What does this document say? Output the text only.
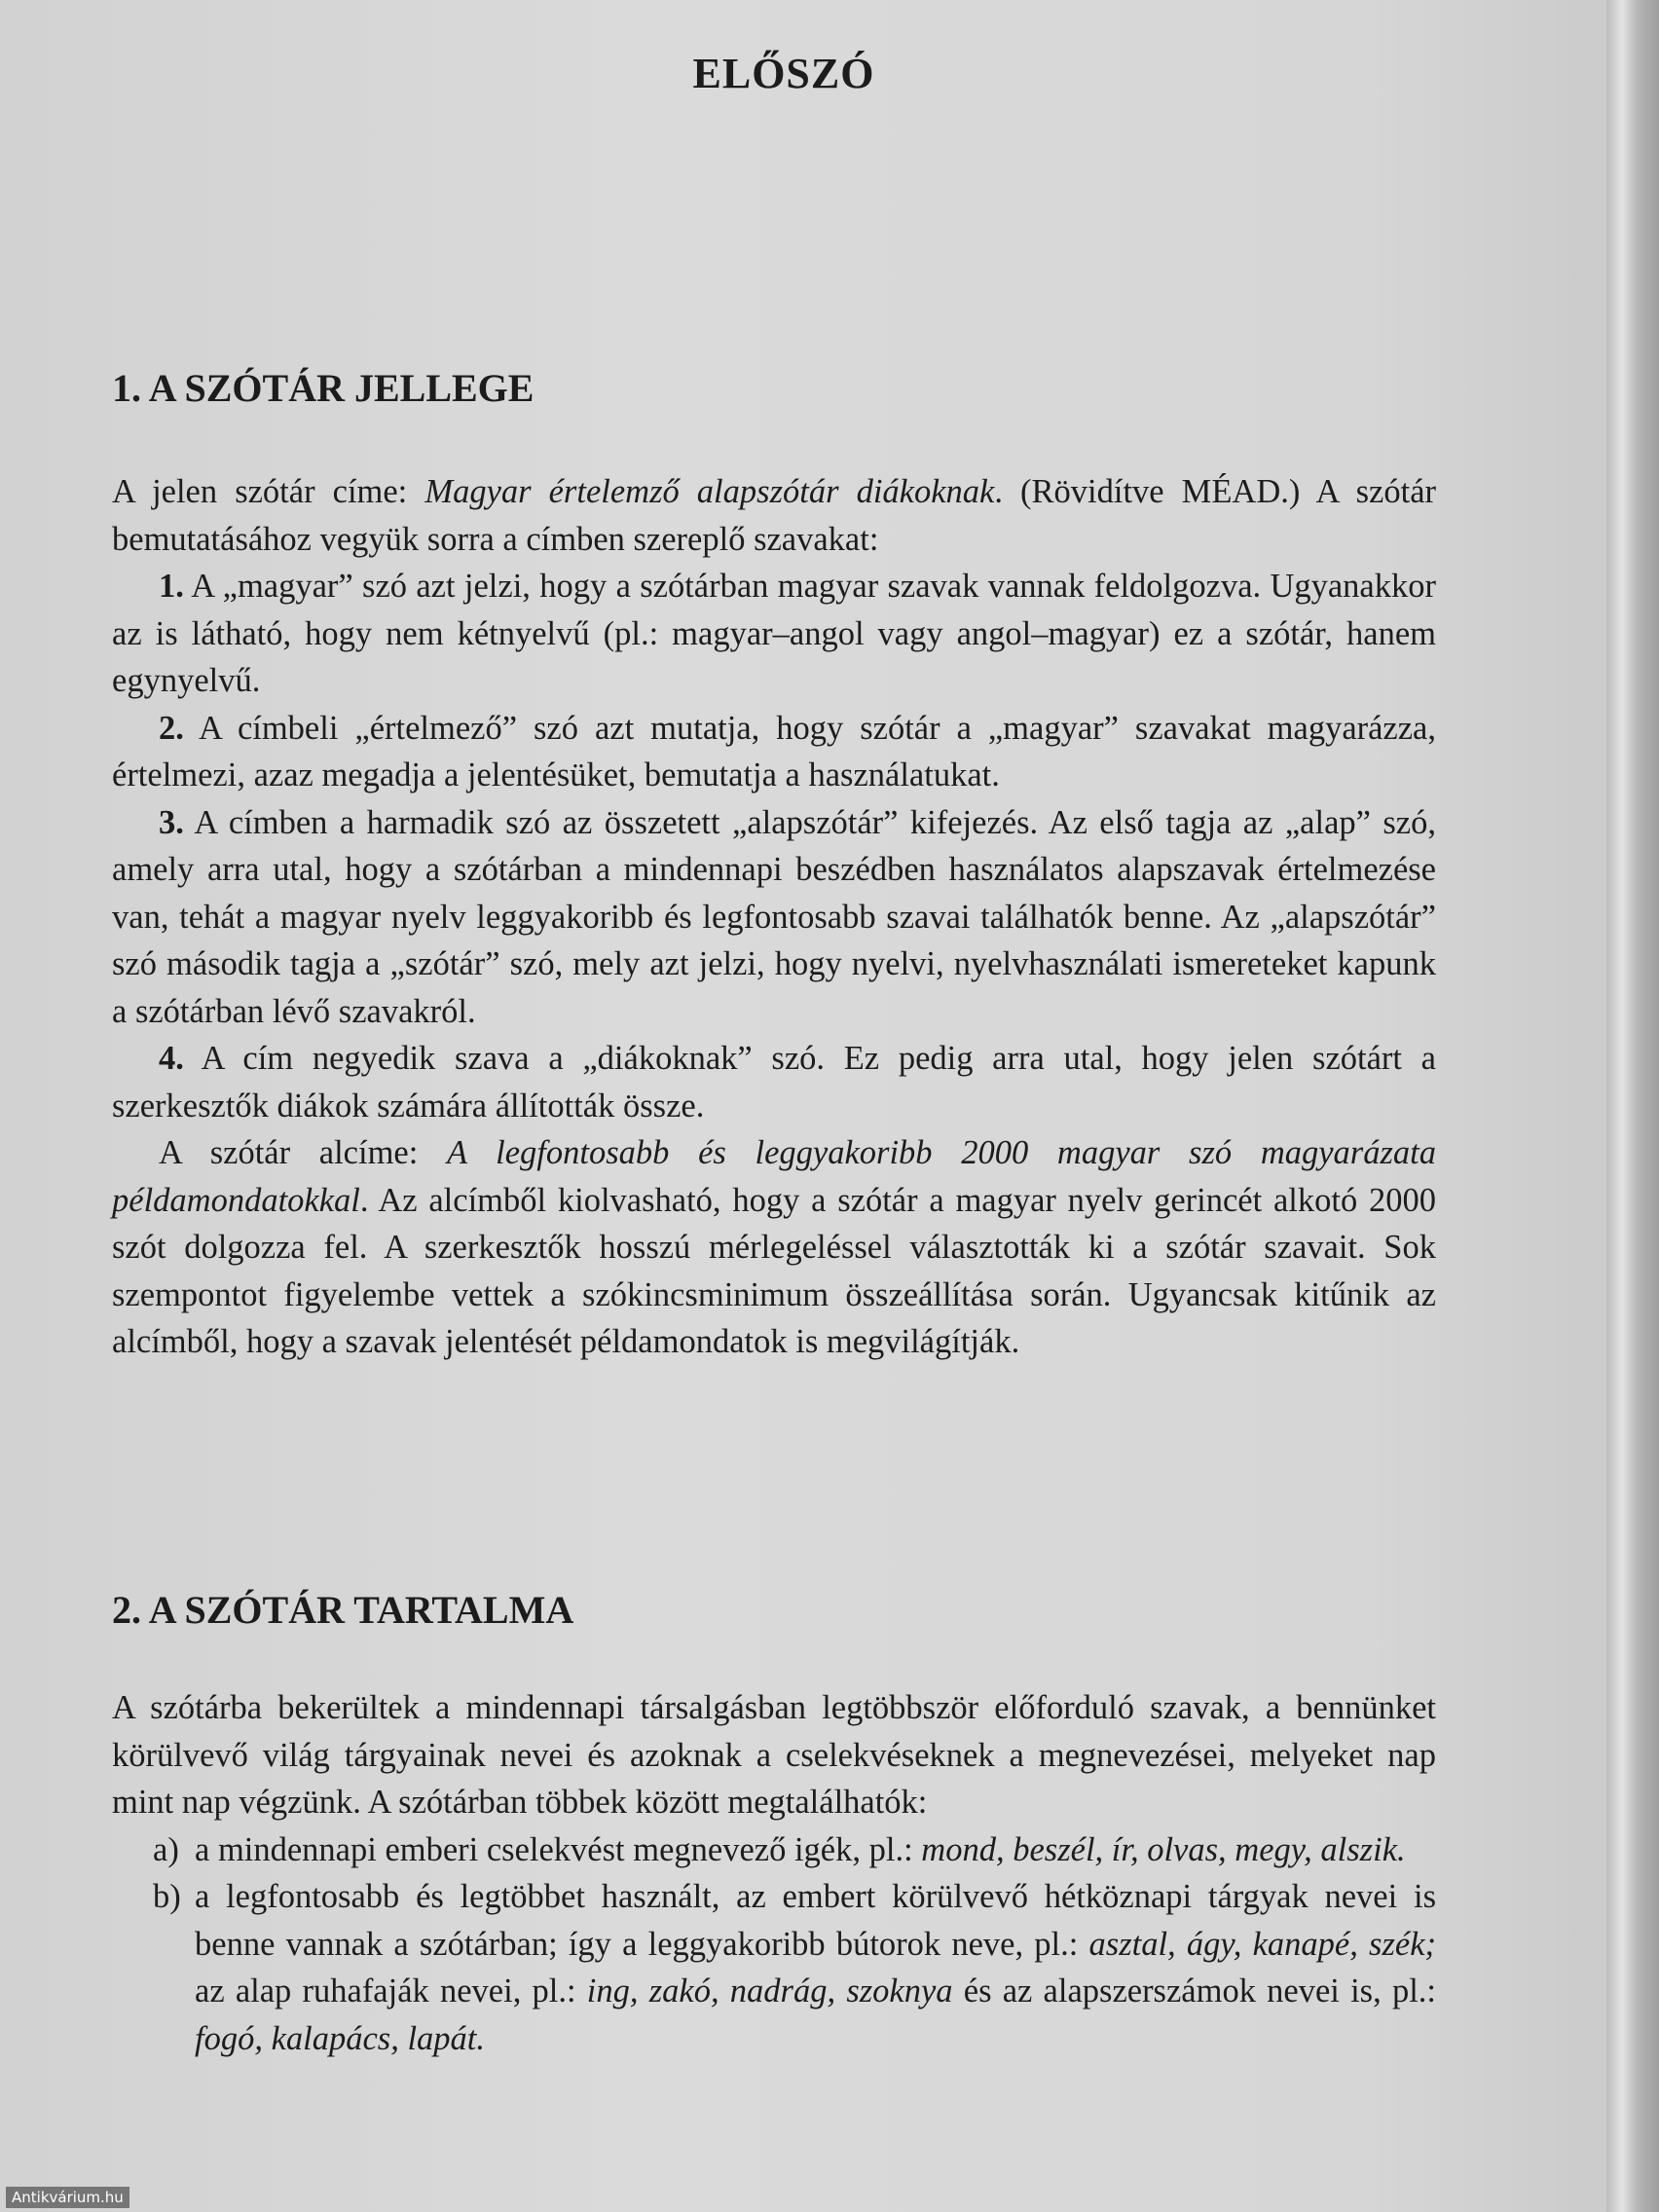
ELŐSZÓ
1. A SZÓTÁR JELLEGE

A jelen szótár címe: Magyar értelemző alapszótár diákoknak. (Rövidítve MÉAD.) A szótár bemutatásához vegyük sorra a címben szereplő szavakat:

1. A „magyar” szó azt jelzi, hogy a szótárban magyar szavak vannak feldolgozva. Ugyanakkor az is látható, hogy nem kétnyelvű (pl.: magyar–angol vagy angol–magyar) ez a szótár, hanem egynyelvű.

2. A címbeli „értelmező” szó azt mutatja, hogy szótár a „magyar” szavakat magyarázza, értelmezi, azaz megadja a jelentésüket, bemutatja a használatukat.

3. A címben a harmadik szó az összetett „alapszótár” kifejezés. Az első tagja az „alap” szó, amely arra utal, hogy a szótárban a mindennapi beszédben használatos alapszavak értelmezése van, tehát a magyar nyelv leggyakoribb és legfontosabb szavai találhatók benne. Az „alapszótár” szó második tagja a „szótár” szó, mely azt jelzi, hogy nyelvi, nyelvhasználati ismereteket kapunk a szótárban lévő szavakról.

4. A cím negyedik szava a „diákoknak” szó. Ez pedig arra utal, hogy jelen szótárt a szerkesztők diákok számára állították össze.

A szótár alcíme: A legfontosabb és leggyakoribb 2000 magyar szó magyarázata példamondatokkal. Az alcímből kiolvasható, hogy a szótár a magyar nyelv gerincét alkotó 2000 szót dolgozza fel. A szerkesztők hosszú mérlegeléssel választották ki a szótár szavait. Sok szempontot figyelembe vettek a szókincsminimum összeállítása során. Ugyancsak kitűnik az alcímből, hogy a szavak jelentését példamondatok is megvilágítják.

2. A SZÓTÁR TARTALMA

A szótárba bekerültek a mindennapi társalgásban legtöbbször előforduló szavak, a bennünket körülvevő világ tárgyainak nevei és azoknak a cselekvéseknek a megnevezései, melyeket nap mint nap végzünk. A szótárban többek között megtalálhatók:

a) a mindennapi emberi cselekvést megnevező igék, pl.: mond, beszél, ír, olvas, megy, alszik.
b) a legfontosabb és legtöbbet használt, az embert körülvevő hétköznapi tárgyak nevei is benne vannak a szótárban; így a leggyakoribb bútorok neve, pl.: asztal, ágy, kanapé, szék; az alap ruhafaják nevei, pl.: ing, zakó, nadrág, szoknya és az alapszerszámok nevei is, pl.: fogó, kalapács, lapát.
Antikvárium.hu
